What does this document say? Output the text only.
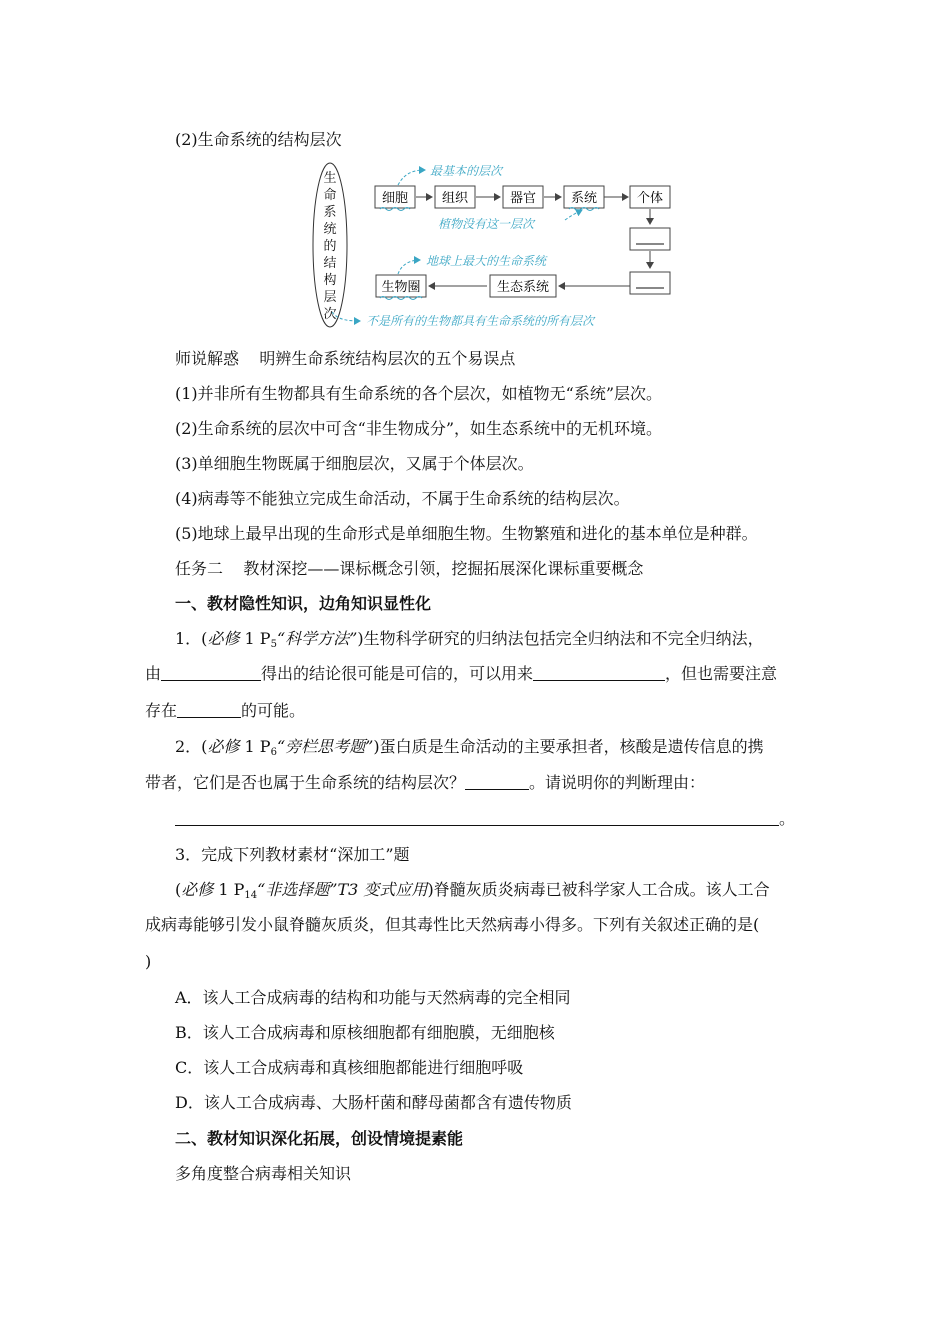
(2)生命系统的结构层次
生命系统的结构层次
细胞	组织	器官	系统
最基本的层次
植物没有这一层次
个体
生物圈	生态系统
地球上最大的生命系统
不是所有的生物都具有生命系统的所有层次
师说解惑 明辨生命系统结构层次的五个易误点
(1)并非所有生物都具有生命系统的各个层次，如植物无“系统”层次。
(2)生命系统的层次中可含“非生物成分”，如生态系统中的无机环境。
(3)单细胞生物既属于细胞层次，又属于个体层次。
(4)病毒等不能独立完成生命活动，不属于生命系统的结构层次。
(5)地球上最早出现的生命形式是单细胞生物。生物繁殖和进化的基本单位是种群。
任务二 教材深挖——课标概念引领，挖掘拓展深化课标重要概念
一、教材隐性知识，边角知识显性化
1．(必修 1 $P_5“$科学方法”)生物科学研究的归纳法包括完全归纳法和不完全归纳法，
由	得出的结论很可能是可信的，可以用来	，但也需要注意
存在	的可能。
2．(必修 1 $P_6“$旁栏思考题”)蛋白质是生命活动的主要承担者，核酸是遗传信息的携
带者，它们是否也属于生命系统的结构层次？	。请说明你的判断理由：
。
3．完成下列教材素材“深加工”题
(必修 1 $P_{14}“$非选择题”T3 变式应用)脊髓灰质炎病毒已被科学家人工合成。该人工合
成病毒能够引发小鼠脊髓灰质炎，但其毒性比天然病毒小得多。下列有关叙述正确的是(
)
A．该人工合成病毒的结构和功能与天然病毒的完全相同
B．该人工合成病毒和原核细胞都有细胞膜，无细胞核
C．该人工合成病毒和真核细胞都能进行细胞呼吸
D．该人工合成病毒、大肠杆菌和酵母菌都含有遗传物质
二、教材知识深化拓展，创设情境提素能
多角度整合病毒相关知识
